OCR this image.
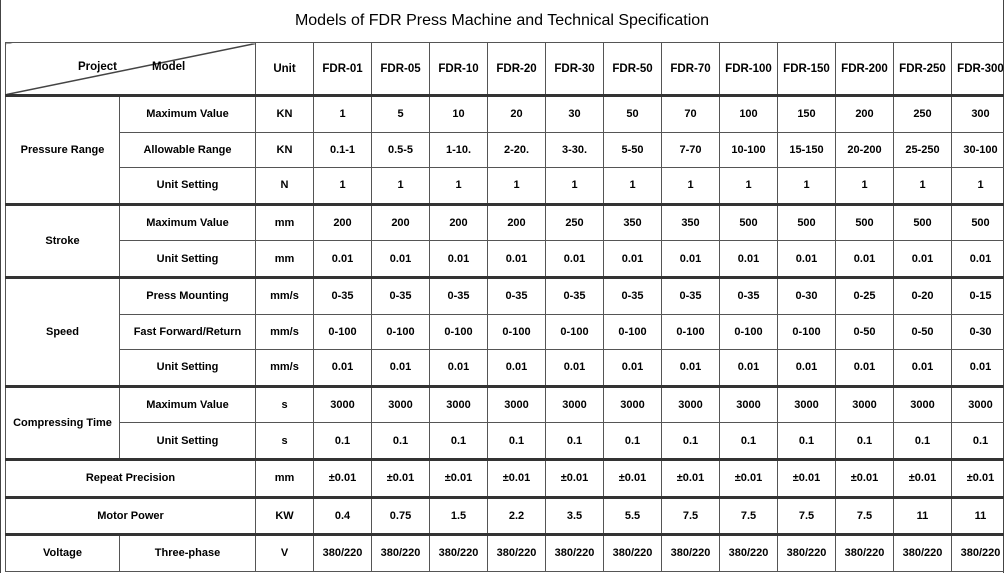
Models of FDR Press Machine and Technical Specification
Project Model		Unit	FDR-01	FDR-05	FDR-10	FDR-20	FDR-30	FDR-50	FDR-70	FDR-100	FDR-150	FDR-200	FDR-250	FDR-300
Pressure Range	Maximum Value	KN	1	5	10	20	30	50	70	100	150	200	250	300
	Allowable Range	KN	0.1-1	0.5-5	1-10.	2-20.	3-30.	5-50	7-70	10-100	15-150	20-200	25-250	30-100
	Unit Setting	N	1	1	1	1	1	1	1	1	1	1	1	1
Stroke	Maximum Value	mm	200	200	200	200	250	350	350	500	500	500	500	500
	Unit Setting	mm	0.01	0.01	0.01	0.01	0.01	0.01	0.01	0.01	0.01	0.01	0.01	0.01
Speed	Press Mounting	mm/s	0-35	0-35	0-35	0-35	0-35	0-35	0-35	0-35	0-30	0-25	0-20	0-15
	Fast Forward/Return	mm/s	0-100	0-100	0-100	0-100	0-100	0-100	0-100	0-100	0-100	0-50	0-50	0-30
	Unit Setting	mm/s	0.01	0.01	0.01	0.01	0.01	0.01	0.01	0.01	0.01	0.01	0.01	0.01
Compressing Time	Maximum Value	s	3000	3000	3000	3000	3000	3000	3000	3000	3000	3000	3000	3000
	Unit Setting	s	0.1	0.1	0.1	0.1	0.1	0.1	0.1	0.1	0.1	0.1	0.1	0.1
Repeat Precision		mm	±0.01	±0.01	±0.01	±0.01	±0.01	±0.01	±0.01	±0.01	±0.01	±0.01	±0.01	±0.01
Motor Power		KW	0.4	0.75	1.5	2.2	3.5	5.5	7.5	7.5	7.5	7.5	11	11
Voltage	Three-phase	V	380/220	380/220	380/220	380/220	380/220	380/220	380/220	380/220	380/220	380/220	380/220	380/220
